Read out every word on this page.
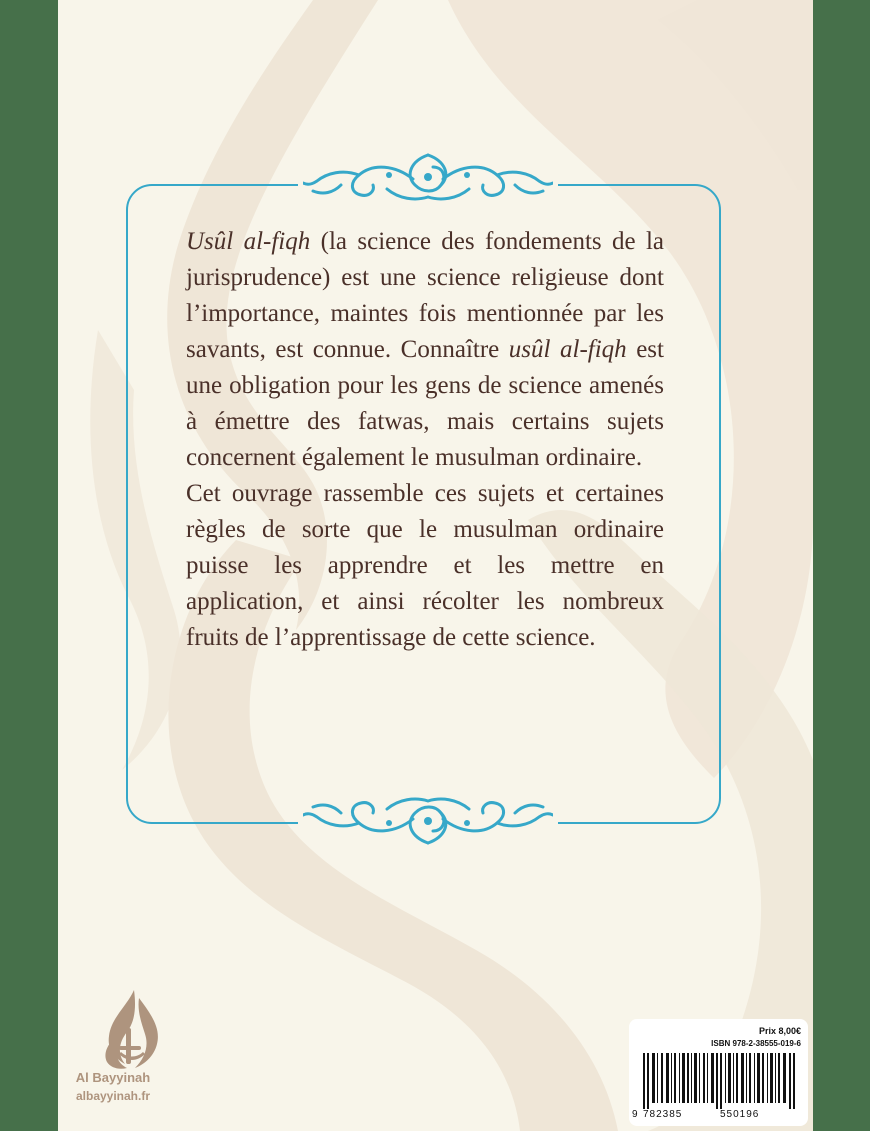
Usûl al-fiqh (la science des fondements de la jurisprudence) est une science religieuse dont l’importance, maintes fois mentionnée par les savants, est connue. Connaître usûl al-fiqh est une obligation pour les gens de science amenés à émettre des fatwas, mais certains sujets concernent également le musulman ordinaire.

Cet ouvrage rassemble ces sujets et certaines règles de sorte que le musulman ordinaire puisse les apprendre et les mettre en application, et ainsi récolter les nombreux fruits de l’apprentissage de cette science.

Al Bayyinah
albayyinah.fr
Prix 8,00€
ISBN 978-2-38555-019-6
9 782385	550196
